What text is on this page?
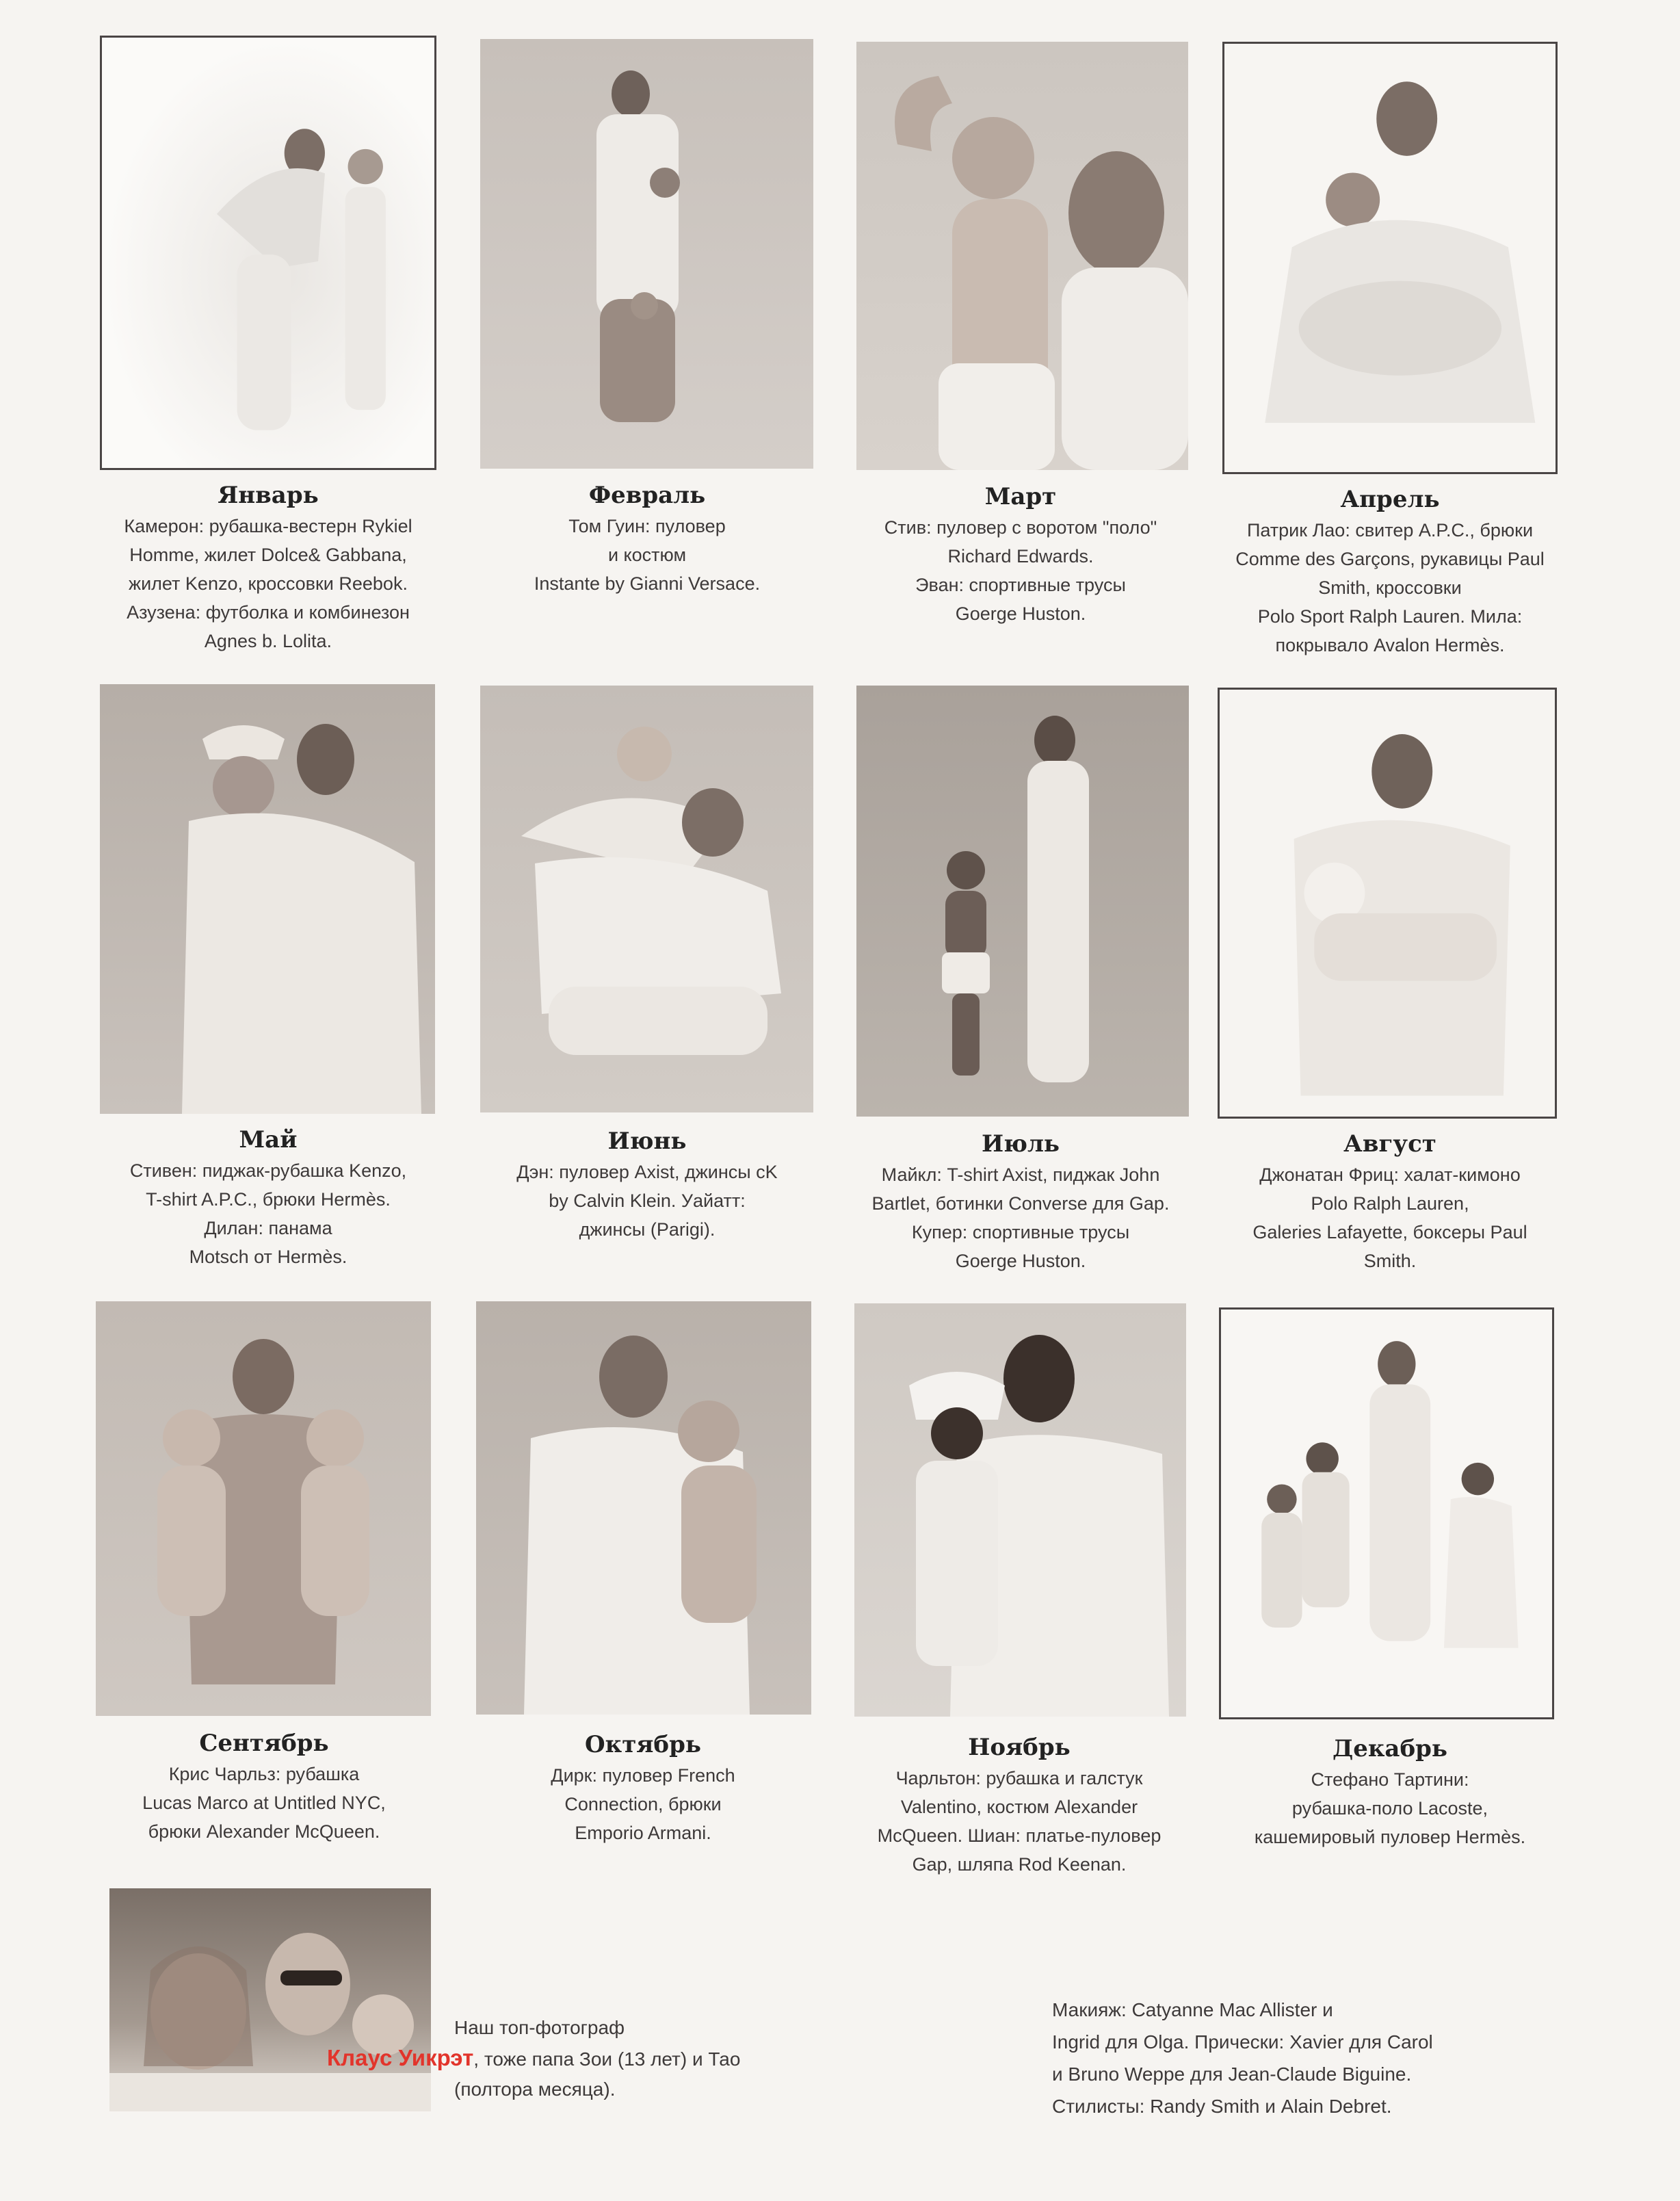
Январь
Камерон: рубашка-вестерн Rykiel
Homme, жилет Dolce& Gabbana,
жилет Kenzo, кроссовки Reebok.
Азузена: футболка и комбинезон
Agnes b. Lolita.
Февраль
Том Гуин: пуловер
и костюм
Instante by Gianni Versace.
Март
Стив: пуловер с воротом "поло"
Richard Edwards.
Эван: спортивные трусы
Goerge Huston.
Апрель
Патрик Лао: свитер A.P.C., брюки
Comme des Garçons, рукавицы Paul
Smith, кроссовки
Polo Sport Ralph Lauren. Мила:
покрывало Avalon Hermès.
Май
Стивен: пиджак-рубашка Kenzo,
T-shirt A.P.C., брюки Hermès.
Дилан: панама
Motsch от Hermès.
Июнь
Дэн: пуловер Axist, джинсы cK
by Calvin Klein. Уайатт:
джинсы (Parigi).
Июль
Майкл: T-shirt Axist, пиджак John
Bartlet, ботинки Converse для Gap.
Купер: спортивные трусы
Goerge Huston.
Август
Джонатан Фриц: халат-кимоно
Polo Ralph Lauren,
Galeries Lafayette, боксеры Paul
Smith.
Сентябрь
Крис Чарльз: рубашка
Lucas Marco at Untitled NYC,
брюки Alexander McQueen.
Октябрь
Дирк: пуловер French
Connection, брюки
Emporio Armani.
Ноябрь
Чарльтон: рубашка и галстук
Valentino, костюм Alexander
McQueen. Шиан: платье-пуловер
Gap, шляпа Rod Keenan.
Декабрь
Стефано Тартини:
рубашка-поло Lacoste,
кашемировый пуловер Hermès.
Наш топ-фотограф
Клаус Уикрэт, тоже папа Зои (13 лет) и Тао
(полтора месяца).
Макияж: Catyanne Mac Allister и
Ingrid для Olga. Прически: Xavier для Carol
и Bruno Weppe для Jean-Claude Biguine.
Стилисты: Randy Smith и Alain Debret.
